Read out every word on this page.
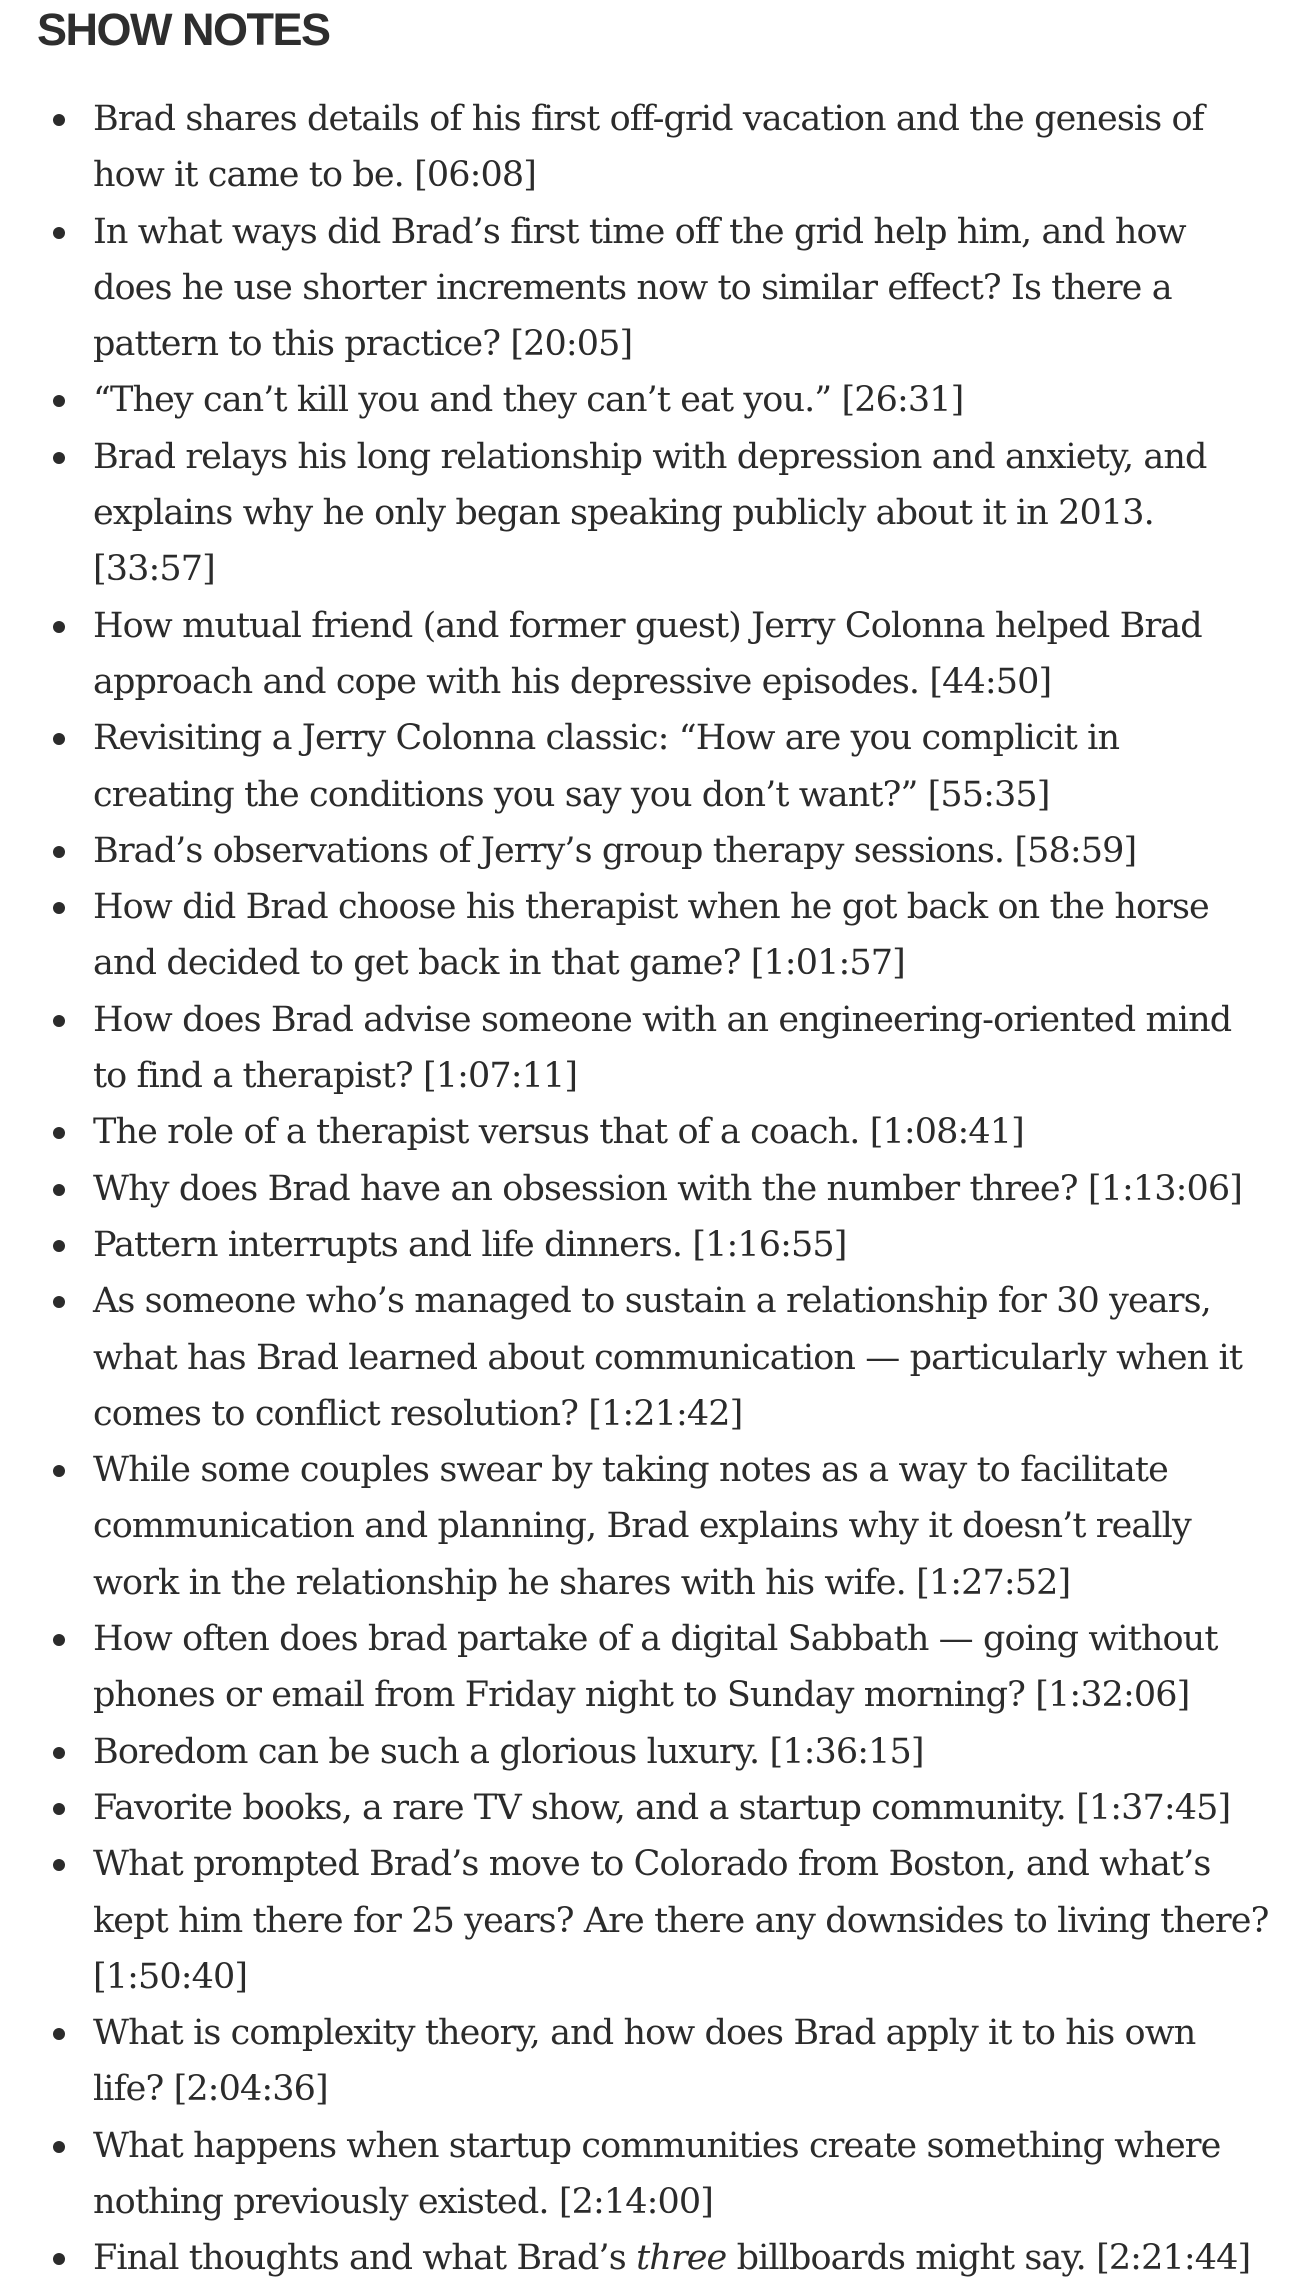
SHOW NOTES
Brad shares details of his first off-grid vacation and the genesis of how it came to be. [06:08]
In what ways did Brad’s first time off the grid help him, and how does he use shorter increments now to similar effect? Is there a pattern to this practice? [20:05]
“They can’t kill you and they can’t eat you.” [26:31]
Brad relays his long relationship with depression and anxiety, and explains why he only began speaking publicly about it in 2013. [33:57]
How mutual friend (and former guest) Jerry Colonna helped Brad approach and cope with his depressive episodes. [44:50]
Revisiting a Jerry Colonna classic: “How are you complicit in creating the conditions you say you don’t want?” [55:35]
Brad’s observations of Jerry’s group therapy sessions. [58:59]
How did Brad choose his therapist when he got back on the horse and decided to get back in that game? [1:01:57]
How does Brad advise someone with an engineering-oriented mind to find a therapist? [1:07:11]
The role of a therapist versus that of a coach. [1:08:41]
Why does Brad have an obsession with the number three? [1:13:06]
Pattern interrupts and life dinners. [1:16:55]
As someone who’s managed to sustain a relationship for 30 years, what has Brad learned about communication — particularly when it comes to conflict resolution? [1:21:42]
While some couples swear by taking notes as a way to facilitate communication and planning, Brad explains why it doesn’t really work in the relationship he shares with his wife. [1:27:52]
How often does brad partake of a digital Sabbath — going without phones or email from Friday night to Sunday morning? [1:32:06]
Boredom can be such a glorious luxury. [1:36:15]
Favorite books, a rare TV show, and a startup community. [1:37:45]
What prompted Brad’s move to Colorado from Boston, and what’s kept him there for 25 years? Are there any downsides to living there? [1:50:40]
What is complexity theory, and how does Brad apply it to his own life? [2:04:36]
What happens when startup communities create something where nothing previously existed. [2:14:00]
Final thoughts and what Brad’s three billboards might say. [2:21:44]
